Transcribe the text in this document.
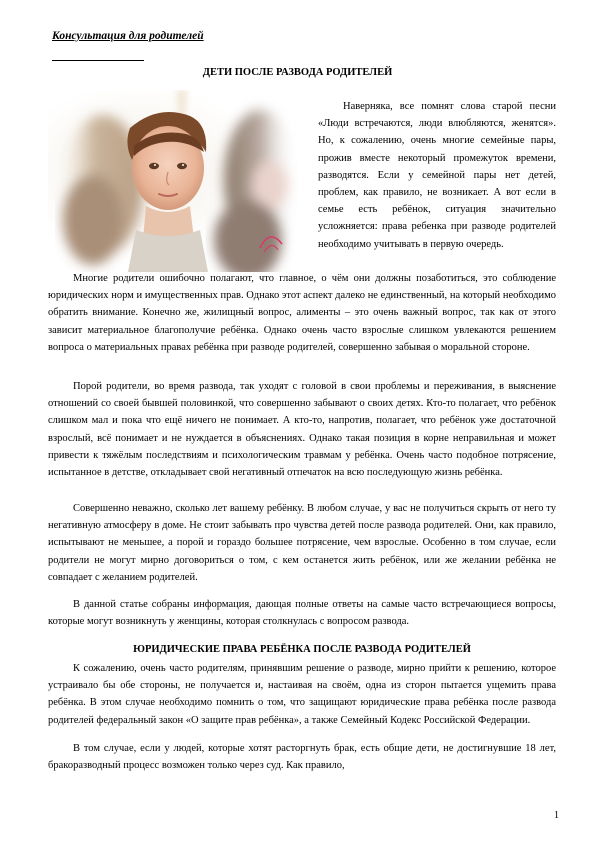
Консультация для родителей
ДЕТИ ПОСЛЕ РАЗВОДА РОДИТЕЛЕЙ

Наверняка, все помнят слова старой песни «Люди встречаются, люди влюбляются, женятся». Но, к сожалению, очень многие семейные пары, прожив вместе некоторый промежуток времени, разводятся. Если у семейной пары нет детей, проблем, как правило, не возникает. А вот если в семье есть ребёнок, ситуация значительно усложняется: права ребенка при разводе родителей необходимо учитывать в первую очередь.

Многие родители ошибочно полагают, что главное, о чём они должны позаботиться, это соблюдение юридических норм и имущественных прав. Однако этот аспект далеко не единственный, на который необходимо обратить внимание. Конечно же, жилищный вопрос, алименты – это очень важный вопрос, так как от этого зависит материальное благополучие ребёнка. Однако очень часто взрослые слишком увлекаются решением вопроса о материальных правах ребёнка при разводе родителей, совершенно забывая о моральной стороне.

Порой родители, во время развода, так уходят с головой в свои проблемы и переживания, в выяснение отношений со своей бывшей половинкой, что совершенно забывают о своих детях. Кто-то полагает, что ребёнок слишком мал и пока что ещё ничего не понимает. А кто-то, напротив, полагает, что ребёнок уже достаточной взрослый, всё понимает и не нуждается в объяснениях. Однако такая позиция в корне неправильная и может привести к тяжёлым последствиям и психологическим травмам у ребёнка. Очень часто подобное потрясение, испытанное в детстве, откладывает свой негативный отпечаток на всю последующую жизнь ребёнка.

Совершенно неважно, сколько лет вашему ребёнку. В любом случае, у вас не получиться скрыть от него ту негативную атмосферу в доме. Не стоит забывать про чувства детей после развода родителей. Они, как правило, испытывают не меньшее, а порой и гораздо большее потрясение, чем взрослые. Особенно в том случае, если родители не могут мирно договориться о том, с кем останется жить ребёнок, или же желании ребёнка не совпадает с желанием родителей.

В данной статье собраны информация, дающая полные ответы на самые часто встречающиеся вопросы, которые могут возникнуть у женщины, которая столкнулась с вопросом развода.

ЮРИДИЧЕСКИЕ ПРАВА РЕБЁНКА ПОСЛЕ РАЗВОДА РОДИТЕЛЕЙ

К сожалению, очень часто родителям, принявшим решение о разводе, мирно прийти к решению, которое устраивало бы обе стороны, не получается и, настаивая на своём, одна из сторон пытается ущемить права ребёнка. В этом случае необходимо помнить о том, что защищают юридические права ребёнка после развода родителей федеральный закон «О защите прав ребёнка», а также Семейный Кодекс Российской Федерации.

В том случае, если у людей, которые хотят расторгнуть брак, есть общие дети, не достигнувшие 18 лет, бракоразводный процесс возможен только через суд. Как правило,

1
